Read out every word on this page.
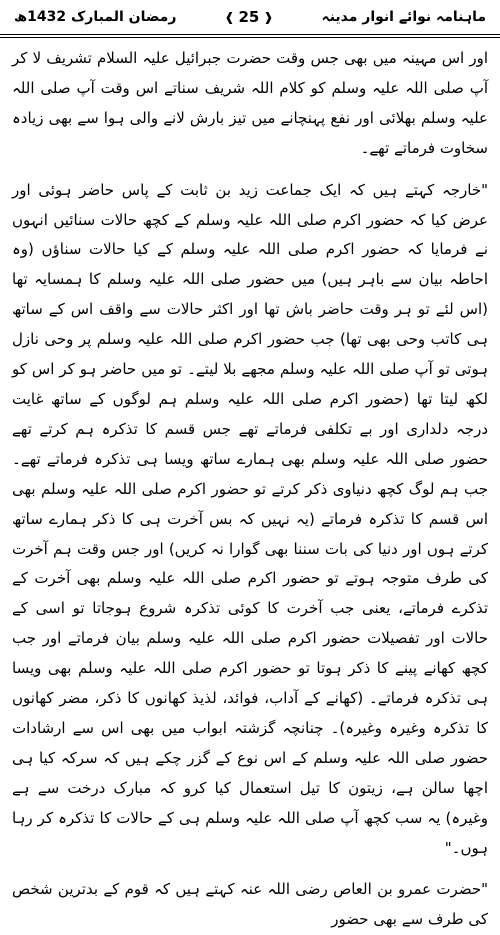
ماہنامہ نوائے انوار مدینہ
❰
25
❱
رمضان المبارک 1432ھ

اور اس مہینہ میں بھی جس وقت حضرت جبرائیل علیہ السلام تشریف لا کر آپ صلی اللہ علیہ وسلم کو کلام اللہ شریف سناتے اس وقت آپ صلی اللہ علیہ وسلم بھلائی اور نفع پہنچانے میں تیز بارش لانے والی ہوا سے بھی زیادہ سخاوت فرماتے تھے۔

"خارجہ کہتے ہیں کہ ایک جماعت زید بن ثابت کے پاس حاضر ہوئی اور عرض کیا کہ حضور اکرم صلی اللہ علیہ وسلم کے کچھ حالات سنائیں انہوں نے فرمایا کہ حضور اکرم صلی اللہ علیہ وسلم کے کیا حالات سناؤں (وہ احاطہ بیان سے باہر ہیں) میں حضور صلی اللہ علیہ وسلم کا ہمسایہ تھا (اس لئے تو ہر وقت حاضر باش تھا اور اکثر حالات سے واقف اس کے ساتھ ہی کاتب وحی بھی تھا) جب حضور اکرم صلی اللہ علیہ وسلم پر وحی نازل ہوتی تو آپ صلی اللہ علیہ وسلم مجھے بلا لیتے۔ تو میں حاضر ہو کر اس کو لکھ لیتا تھا (حضور اکرم صلی اللہ علیہ وسلم ہم لوگوں کے ساتھ غایت درجہ دلداری اور بے تکلفی فرماتے تھے جس قسم کا تذکرہ ہم کرتے تھے حضور صلی اللہ علیہ وسلم بھی ہمارے ساتھ ویسا ہی تذکرہ فرماتے تھے۔ جب ہم لوگ کچھ دنیاوی ذکر کرتے تو حضور اکرم صلی اللہ علیہ وسلم بھی اس قسم کا تذکرہ فرماتے (یہ نہیں کہ بس آخرت ہی کا ذکر ہمارے ساتھ کرتے ہوں اور دنیا کی بات سننا بھی گوارا نہ کریں) اور جس وقت ہم آخرت کی طرف متوجہ ہوتے تو حضور اکرم صلی اللہ علیہ وسلم بھی آخرت کے تذکرے فرماتے، یعنی جب آخرت کا کوئی تذکرہ شروع ہوجاتا تو اسی کے حالات اور تفصیلات حضور اکرم صلی اللہ علیہ وسلم بیان فرماتے اور جب کچھ کھانے پینے کا ذکر ہوتا تو حضور اکرم صلی اللہ علیہ وسلم بھی ویسا ہی تذکرہ فرماتے۔ (کھانے کے آداب، فوائد، لذیذ کھانوں کا ذکر، مضر کھانوں کا تذکرہ وغیرہ وغیرہ)۔ چنانچہ گزشتہ ابواب میں بھی اس سے ارشادات حضور صلی اللہ علیہ وسلم کے اس نوع کے گزر چکے ہیں کہ سرکہ کیا ہی اچھا سالن ہے، زیتون کا تیل استعمال کیا کرو کہ مبارک درخت سے ہے وغیرہ) یہ سب کچھ آپ صلی اللہ علیہ وسلم ہی کے حالات کا تذکرہ کر رہا ہوں۔"

"حضرت عمرو بن العاص رضی اللہ عنہ کہتے ہیں کہ قوم کے بدترین شخص کی طرف سے بھی حضور
